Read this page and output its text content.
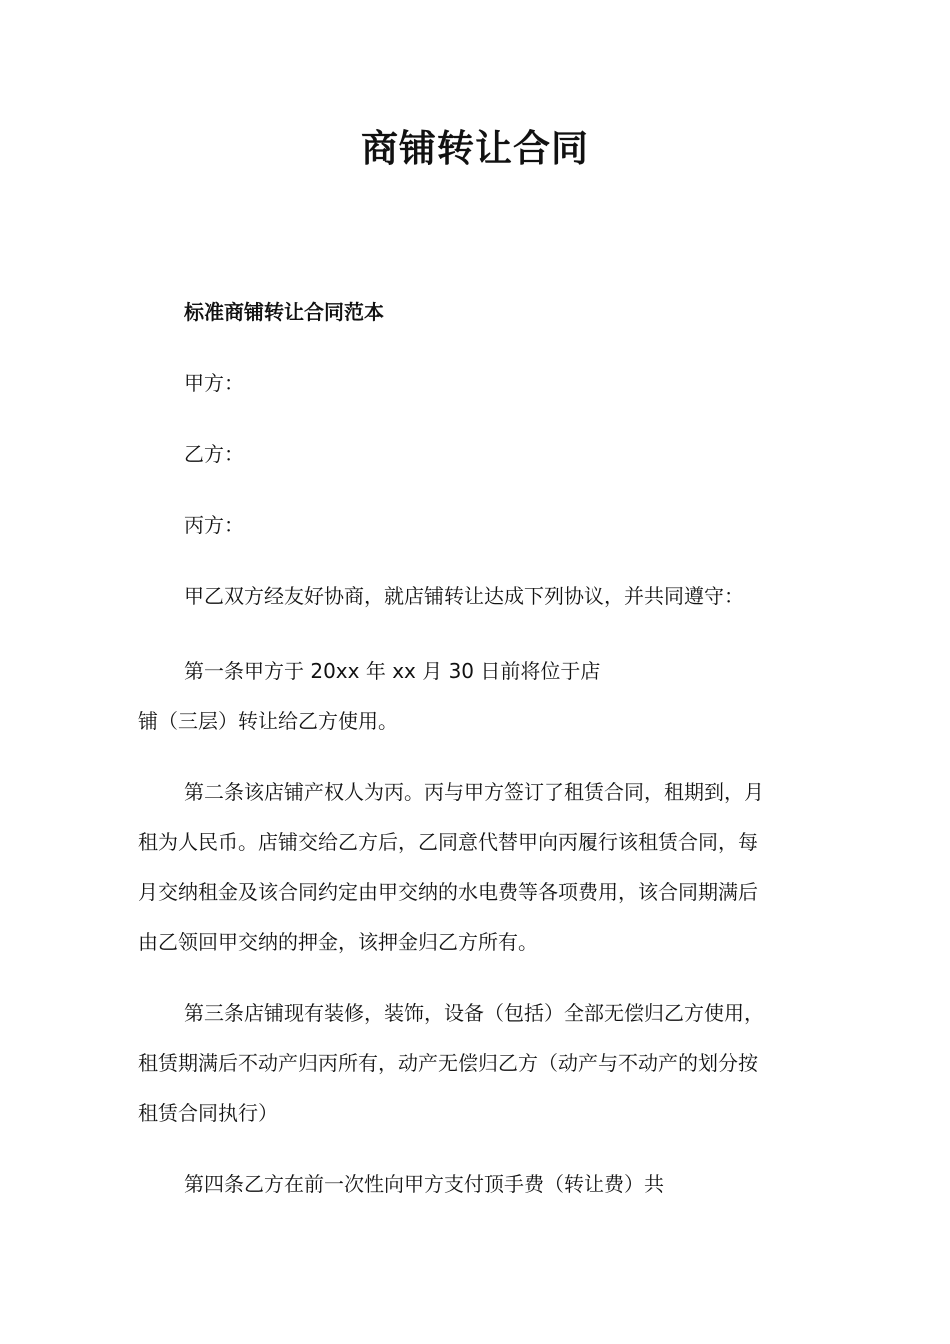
商铺转让合同
标准商铺转让合同范本
甲方：
乙方：
丙方：
甲乙双方经友好协商，就店铺转让达成下列协议，并共同遵守：
第一条甲方于 20xx 年 xx 月 30 日前将位于店
铺（三层）转让给乙方使用。
第二条该店铺产权人为丙。丙与甲方签订了租赁合同，租期到，月
租为人民币。店铺交给乙方后，乙同意代替甲向丙履行该租赁合同，每
月交纳租金及该合同约定由甲交纳的水电费等各项费用，该合同期满后
由乙领回甲交纳的押金，该押金归乙方所有。
第三条店铺现有装修，装饰，设备（包括）全部无偿归乙方使用，
租赁期满后不动产归丙所有，动产无偿归乙方（动产与不动产的划分按
租赁合同执行）
第四条乙方在前一次性向甲方支付顶手费（转让费）共
